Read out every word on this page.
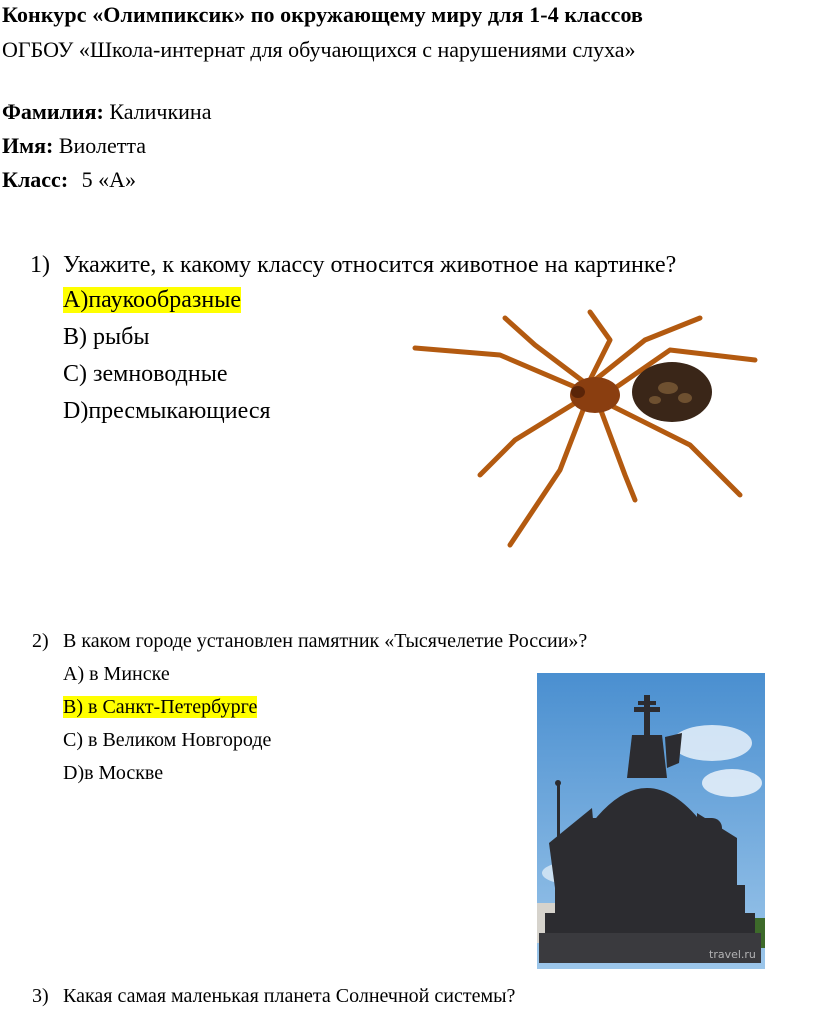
Конкурс «Олимпиксик» по окружающему миру для 1-4 классов
ОГБОУ «Школа-интернат для обучающихся с нарушениями слуха»
Фамилия: Каличкина
Имя: Виолетта
Класс: 5 «А»
1) Укажите, к какому классу относится животное на картинке?
A)паукообразные
B) рыбы
C) земноводные
D)пресмыкающиеся
2) В каком городе установлен памятник «Тысячелетие России»?
A) в Минске
B) в Санкт-Петербурге
C) в Великом Новгороде
D)в Москве
travel.ru
3) Какая самая маленькая планета Солнечной системы?
